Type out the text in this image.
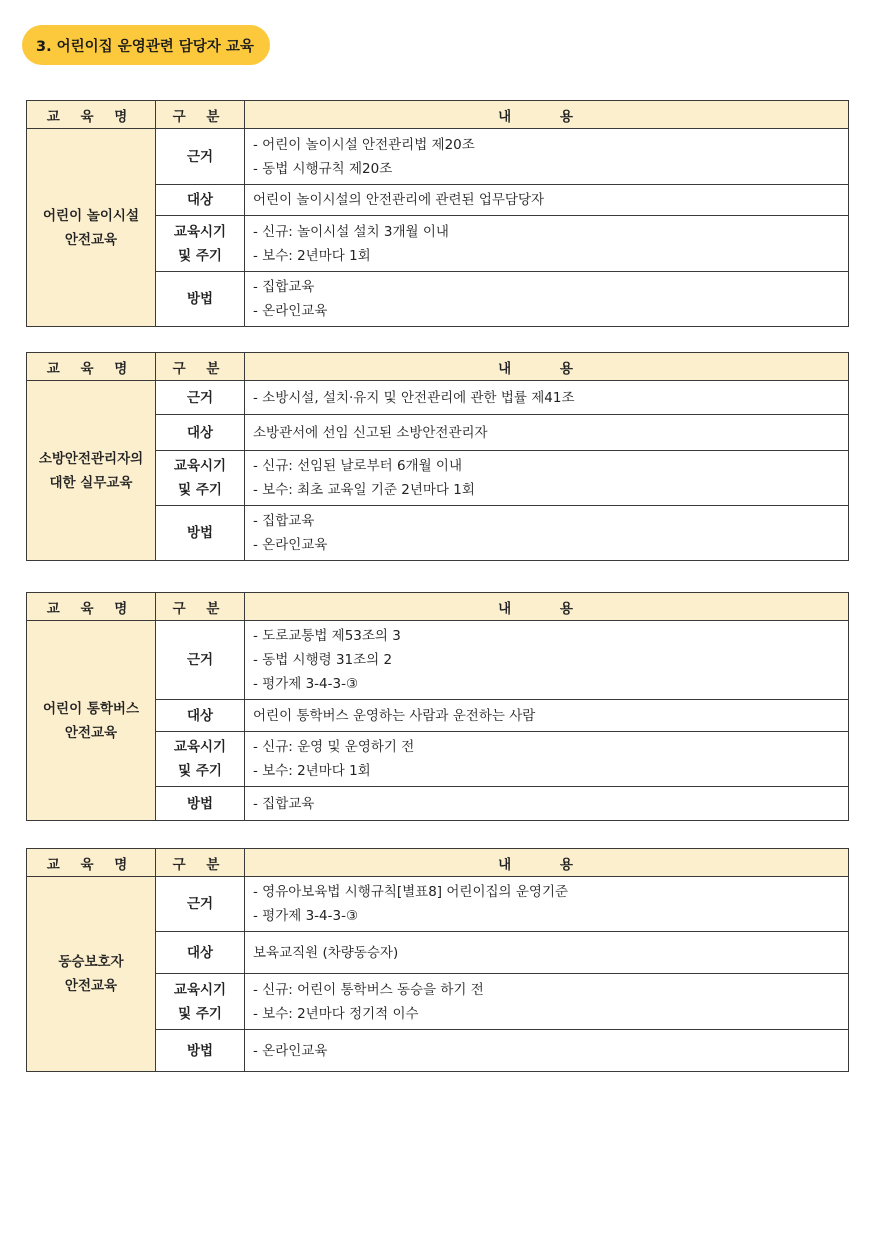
3. 어린이집 운영관련 담당자 교육
교 육 명	구 분	내 용

어린이 놀이시설
안전교육	근거	- 어린이 놀이시설 안전관리법 제20조
- 동법 시행규칙 제20조

	대상	어린이 놀이시설의 안전관리에 관련된 업무담당자

	교육시기
및 주기	- 신규: 놀이시설 설치 3개월 이내
- 보수: 2년마다 1회

	방법	- 집합교육
- 온라인교육
교 육 명	구 분	내 용

소방안전관리자의
대한 실무교육	근거	- 소방시설, 설치·유지 및 안전관리에 관한 법률 제41조

	대상	소방관서에 선임 신고된 소방안전관리자

	교육시기
및 주기	- 신규: 선임된 날로부터 6개월 이내
- 보수: 최초 교육일 기준 2년마다 1회

	방법	- 집합교육
- 온라인교육
교 육 명	구 분	내 용

어린이 통학버스
안전교육	근거	- 도로교통법 제53조의 3
- 동법 시행령 31조의 2
- 평가제 3-4-3-③

	대상	어린이 통학버스 운영하는 사람과 운전하는 사람

	교육시기
및 주기	- 신규: 운영 및 운영하기 전
- 보수: 2년마다 1회

	방법	- 집합교육
교 육 명	구 분	내 용

동승보호자
안전교육	근거	- 영유아보육법 시행규칙[별표8] 어린이집의 운영기준
- 평가제 3-4-3-③

	대상	보육교직원 (차량동승자)

	교육시기
및 주기	- 신규: 어린이 통학버스 동승을 하기 전
- 보수: 2년마다 정기적 이수

	방법	- 온라인교육
